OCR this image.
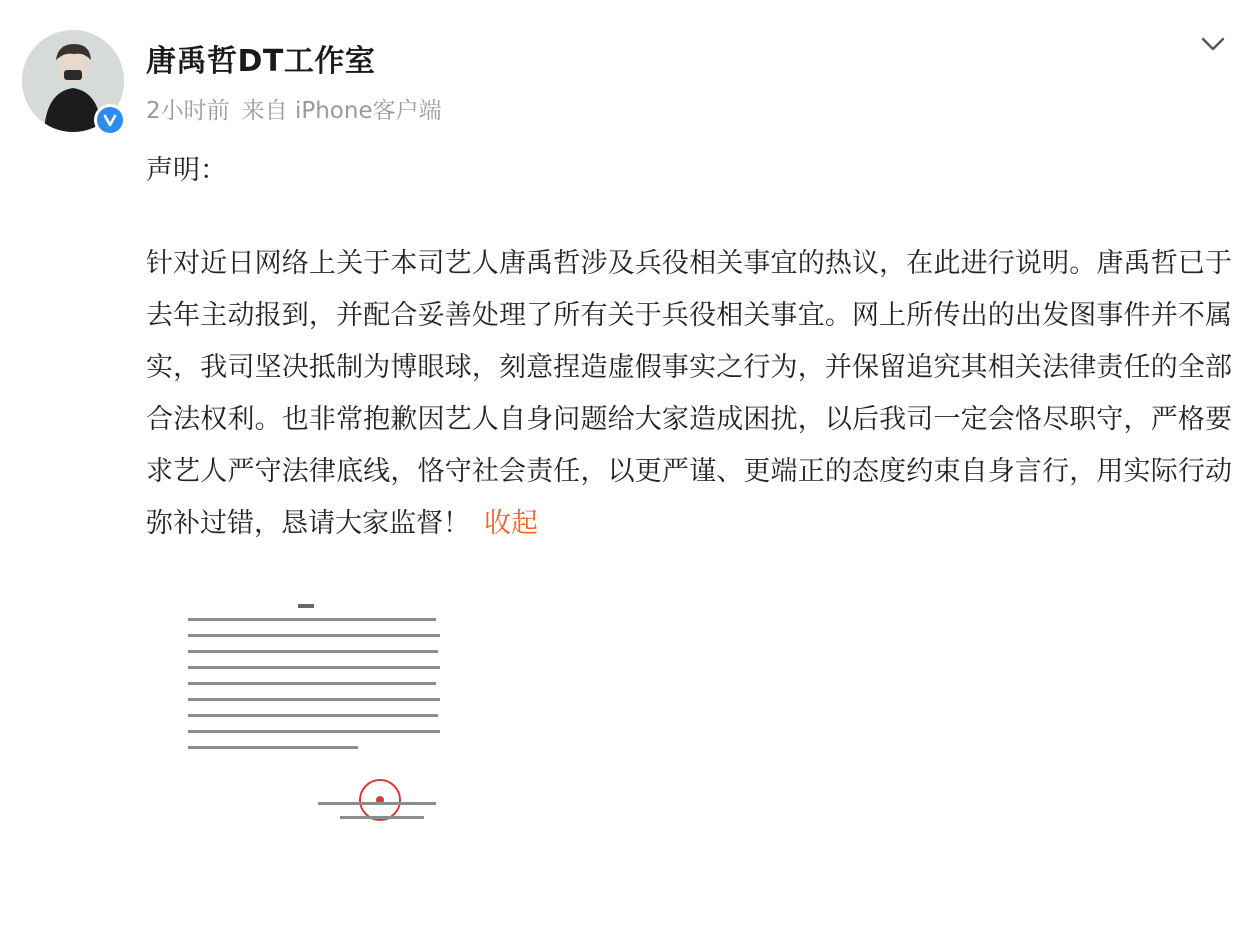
唐禹哲DT工作室
2小时前 来自 iPhone客户端
声明：
针对近日网络上关于本司艺人唐禹哲涉及兵役相关事宜的热议，在此进行说明。唐禹哲已于去年主动报到，并配合妥善处理了所有关于兵役相关事宜。网上所传出的出发图事件并不属实，我司坚决抵制为博眼球，刻意捏造虚假事实之行为，并保留追究其相关法律责任的全部合法权利。也非常抱歉因艺人自身问题给大家造成困扰，以后我司一定会恪尽职守，严格要求艺人严守法律底线，恪守社会责任，以更严谨、更端正的态度约束自身言行，用实际行动弥补过错，恳请大家监督！ 收起
